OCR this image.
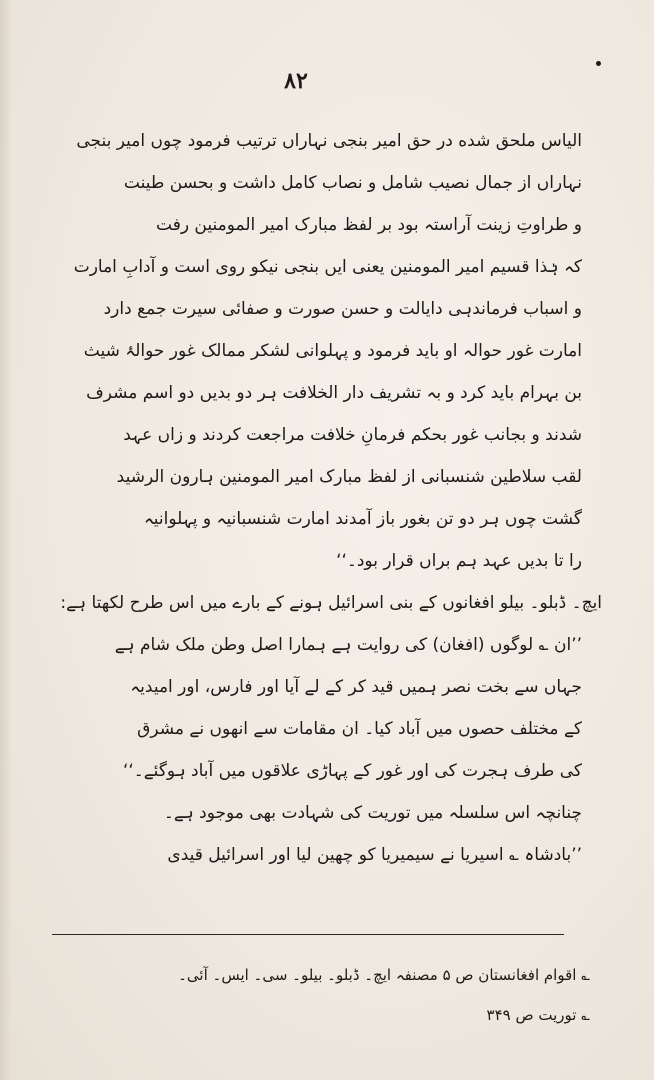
۸۲
الیاس ملحق شده در حق امیر بنجی نہاراں ترتیب فرمود چوں امیر بنجی
نہاراں از جمال نصیب شامل و نصاب کامل داشت و بحسن طینت
و طراوتِ زینت آراستہ بود بر لفظ مبارک امیر المومنین رفت
کہ ہٰذا قسیم امیر المومنین یعنی ایں بنجی نیکو روی است و آدابِ امارت
و اسباب فرماندہی دایالت و حسن صورت و صفائی سیرت جمع دارد
امارت غور حوالہ او باید فرمود و پہلوانی لشکر ممالک غور حوالۂ شیث
بن بہرام باید کرد و بہ تشریف دار الخلافت ہر دو بدیں دو اسم مشرف
شدند و بجانب غور بحکم فرمانِ خلافت مراجعت کردند و زاں عہد
لقب سلاطین شنسبانی از لفظ مبارک امیر المومنین ہارون الرشید
گشت چوں ہر دو تن بغور باز آمدند امارت شنسبانیہ و پہلوانیہ
را تا بدیں عہد ہم براں قرار بود۔‘‘
ایچ۔ ڈبلو۔ بیلو افغانوں کے بنی اسرائیل ہونے کے بارے میں اس طرح لکھتا ہے:
’’ان ؎ لوگوں (افغان) کی روایت ہے ہمارا اصل وطن ملک شام ہے
جہاں سے بخت نصر ہمیں قید کر کے لے آیا اور فارس، اور امیدیہ
کے مختلف حصوں میں آباد کیا۔ ان مقامات سے انھوں نے مشرق
کی طرف ہجرت کی اور غور کے پہاڑی علاقوں میں آباد ہوگئے۔‘‘
چنانچہ اس سلسلہ میں توریت کی شہادت بھی موجود ہے۔
’’بادشاہ ؎ اسیریا نے سیمیریا کو چھین لیا اور اسرائیل قیدی
؎ اقوام افغانستان ص ۵ مصنفہ ایچ۔ ڈبلو۔ بیلو۔ سی۔ ایس۔ آئی۔
؎ توریت ص ۳۴۹
